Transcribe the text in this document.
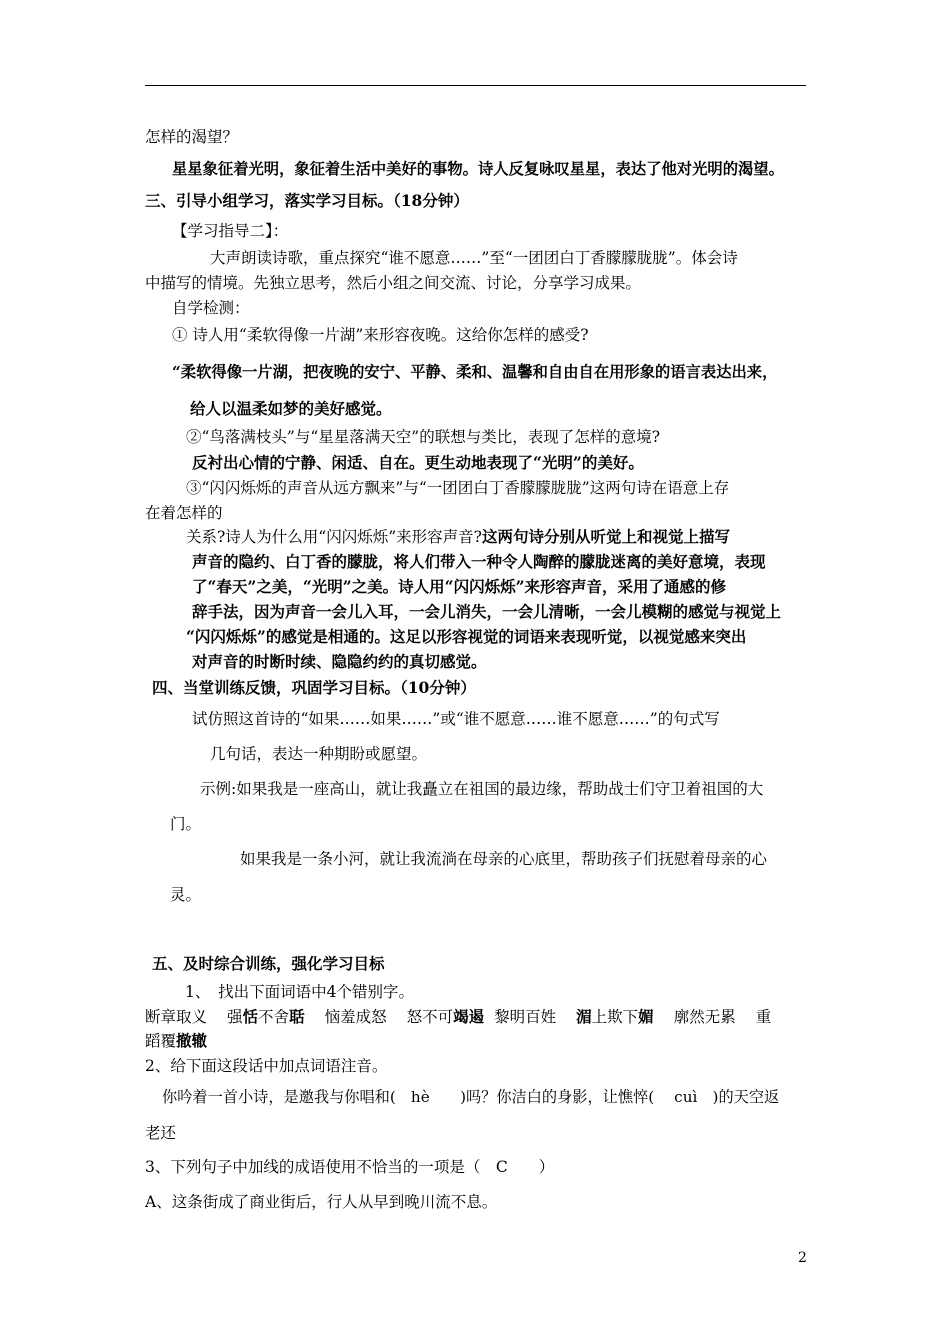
怎样的渴望？
星星象征着光明，象征着生活中美好的事物。诗人反复咏叹星星，表达了他对光明的渴望。
三、引导小组学习，落实学习目标。（18分钟）
【学习指导二】：
大声朗读诗歌，重点探究“谁不愿意……”至“一团团白丁香朦朦胧胧”。体会诗
中描写的情境。先独立思考，然后小组之间交流、讨论，分享学习成果。
自学检测：
① 诗人用“柔软得像一片湖”来形容夜晚。这给你怎样的感受?
“柔软得像一片湖，把夜晚的安宁、平静、柔和、温馨和自由自在用形象的语言表达出来，
给人以温柔如梦的美好感觉。
②“鸟落满枝头”与“星星落满天空”的联想与类比，表现了怎样的意境?
反衬出心情的宁静、闲适、自在。更生动地表现了“光明”的美好。
③“闪闪烁烁的声音从远方飘来”与“一团团白丁香朦朦胧胧”这两句诗在语意上存
在着怎样的
关系?诗人为什么用“闪闪烁烁”来形容声音?这两句诗分别从听觉上和视觉上描写
声音的隐约、白丁香的朦胧，将人们带入一种令人陶醉的朦胧迷离的美好意境，表现
了“春天”之美，“光明”之美。诗人用“闪闪烁烁”来形容声音，采用了通感的修
辞手法，因为声音一会儿入耳，一会儿消失，一会儿清晰，一会儿模糊的感觉与视觉上
“闪闪烁烁”的感觉是相通的。这足以形容视觉的词语来表现听觉，以视觉感来突出
对声音的时断时续、隐隐约约的真切感觉。
四、当堂训练反馈，巩固学习目标。（10分钟）
试仿照这首诗的“如果……如果……”或“谁不愿意……谁不愿意……”的句式写
几句话，表达一种期盼或愿望。
示例:如果我是一座高山，就让我矗立在祖国的最边缘，帮助战士们守卫着祖国的大
门。
如果我是一条小河，就让我流淌在母亲的心底里，帮助孩子们抚慰着母亲的心
灵。
五、及时综合训练，强化学习目标
1、　找出下面词语中4个错别字。
断章取义 强恬不舍聒 恼羞成怒 怒不可竭遏 黎明百姓 湄上欺下媚 廓然无累 重
蹈覆撤辙
2、给下面这段话中加点词语注音。
你吟着一首小诗，是邀我与你唱和(　hè　　)吗？你洁白的身影，让憔悴(　 cuì　)的天空返
老还
3、下列句子中加线的成语使用不恰当的一项是（　C　　）
A、这条街成了商业街后，行人从早到晚川流不息。
2
